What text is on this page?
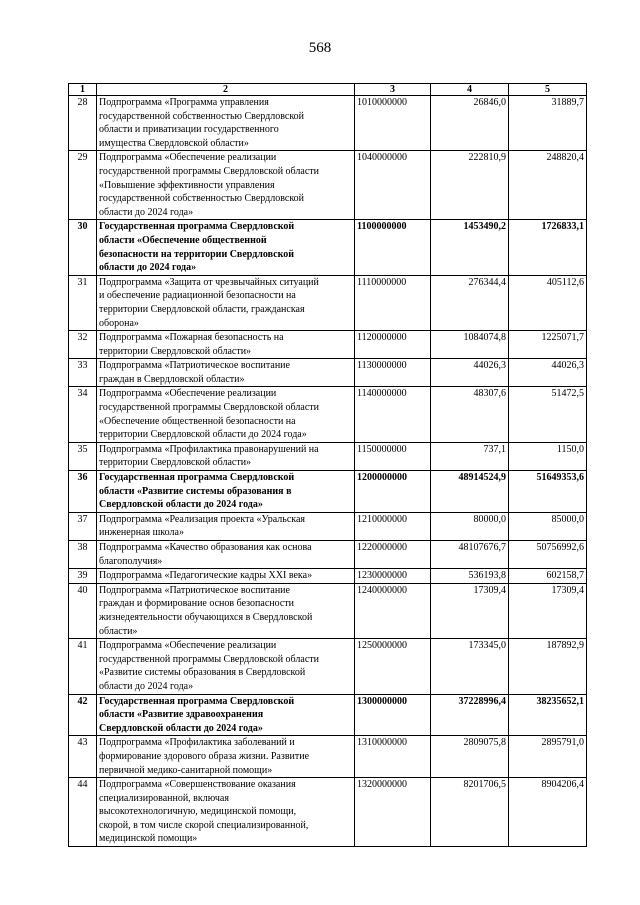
568
1	2	3	4	5
28	Подпрограмма «Программа управления
государственной собственностью Свердловской
области и приватизации государственного
имущества Свердловской области»	1010000000	26846,0	31889,7
29	Подпрограмма «Обеспечение реализации
государственной программы Свердловской области
«Повышение эффективности управления
государственной собственностью Свердловской
области до 2024 года»	1040000000	222810,9	248820,4
30	Государственная программа Свердловской
области «Обеспечение общественной
безопасности на территории Свердловской
области до 2024 года»	1100000000	1453490,2	1726833,1
31	Подпрограмма «Защита от чрезвычайных ситуаций
и обеспечение радиационной безопасности на
территории Свердловской области, гражданская
оборона»	1110000000	276344,4	405112,6
32	Подпрограмма «Пожарная безопасность на
территории Свердловской области»	1120000000	1084074,8	1225071,7
33	Подпрограмма «Патриотическое воспитание
граждан в Свердловской области»	1130000000	44026,3	44026,3
34	Подпрограмма «Обеспечение реализации
государственной программы Свердловской области
«Обеспечение общественной безопасности на
территории Свердловской области до 2024 года»	1140000000	48307,6	51472,5
35	Подпрограмма «Профилактика правонарушений на
территории Свердловской области»	1150000000	737,1	1150,0
36	Государственная программа Свердловской
области «Развитие системы образования в
Свердловской области до 2024 года»	1200000000	48914524,9	51649353,6
37	Подпрограмма «Реализация проекта «Уральская
инженерная школа»	1210000000	80000,0	85000,0
38	Подпрограмма «Качество образования как основа
благополучия»	1220000000	48107676,7	50756992,6
39	Подпрограмма «Педагогические кадры XXI века»	1230000000	536193,8	602158,7
40	Подпрограмма «Патриотическое воспитание
граждан и формирование основ безопасности
жизнедеятельности обучающихся в Свердловской
области»	1240000000	17309,4	17309,4
41	Подпрограмма «Обеспечение реализации
государственной программы Свердловской области
«Развитие системы образования в Свердловской
области до 2024 года»	1250000000	173345,0	187892,9
42	Государственная программа Свердловской
области «Развитие здравоохранения
Свердловской области до 2024 года»	1300000000	37228996,4	38235652,1
43	Подпрограмма «Профилактика заболеваний и
формирование здорового образа жизни. Развитие
первичной медико-санитарной помощи»	1310000000	2809075,8	2895791,0
44	Подпрограмма «Совершенствование оказания
специализированной, включая
высокотехнологичную, медицинской помощи,
скорой, в том числе скорой специализированной,
медицинской помощи»	1320000000	8201706,5	8904206,4
